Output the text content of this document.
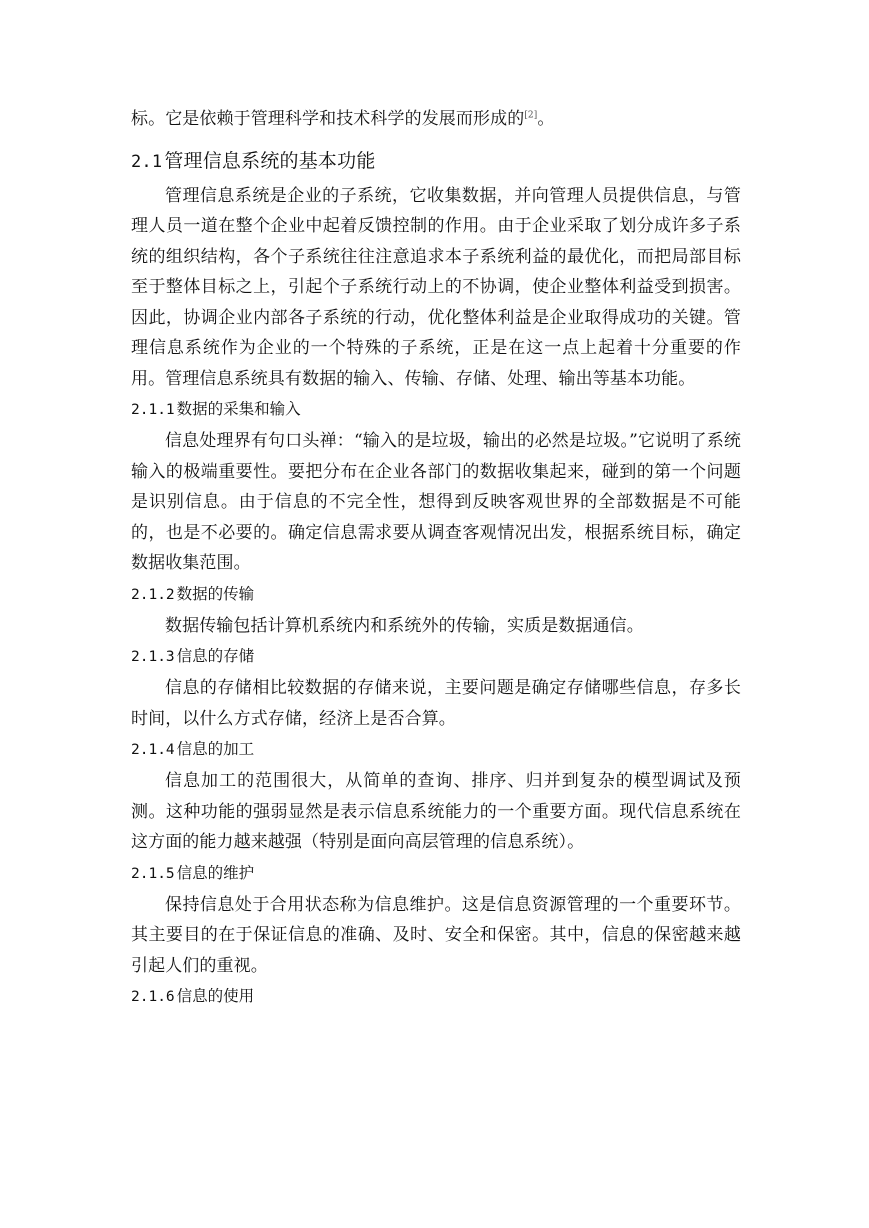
标。它是依赖于管理科学和技术科学的发展而形成的[2]。

2.1 管理信息系统的基本功能

管理信息系统是企业的子系统，它收集数据，并向管理人员提供信息，与管理人员一道在整个企业中起着反馈控制的作用。由于企业采取了划分成许多子系统的组织结构，各个子系统往往注意追求本子系统利益的最优化，而把局部目标至于整体目标之上，引起个子系统行动上的不协调，使企业整体利益受到损害。因此，协调企业内部各子系统的行动，优化整体利益是企业取得成功的关键。管理信息系统作为企业的一个特殊的子系统，正是在这一点上起着十分重要的作用。管理信息系统具有数据的输入、传输、存储、处理、输出等基本功能。

2.1.1 数据的采集和输入

信息处理界有句口头禅：“输入的是垃圾，输出的必然是垃圾。”它说明了系统输入的极端重要性。要把分布在企业各部门的数据收集起来，碰到的第一个问题是识别信息。由于信息的不完全性，想得到反映客观世界的全部数据是不可能的，也是不必要的。确定信息需求要从调查客观情况出发，根据系统目标，确定数据收集范围。

2.1.2 数据的传输

数据传输包括计算机系统内和系统外的传输，实质是数据通信。

2.1.3 信息的存储

信息的存储相比较数据的存储来说，主要问题是确定存储哪些信息，存多长时间，以什么方式存储，经济上是否合算。

2.1.4 信息的加工

信息加工的范围很大，从简单的查询、排序、归并到复杂的模型调试及预测。这种功能的强弱显然是表示信息系统能力的一个重要方面。现代信息系统在这方面的能力越来越强（特别是面向高层管理的信息系统）。

2.1.5 信息的维护

保持信息处于合用状态称为信息维护。这是信息资源管理的一个重要环节。其主要目的在于保证信息的准确、及时、安全和保密。其中，信息的保密越来越引起人们的重视。

2.1.6 信息的使用
